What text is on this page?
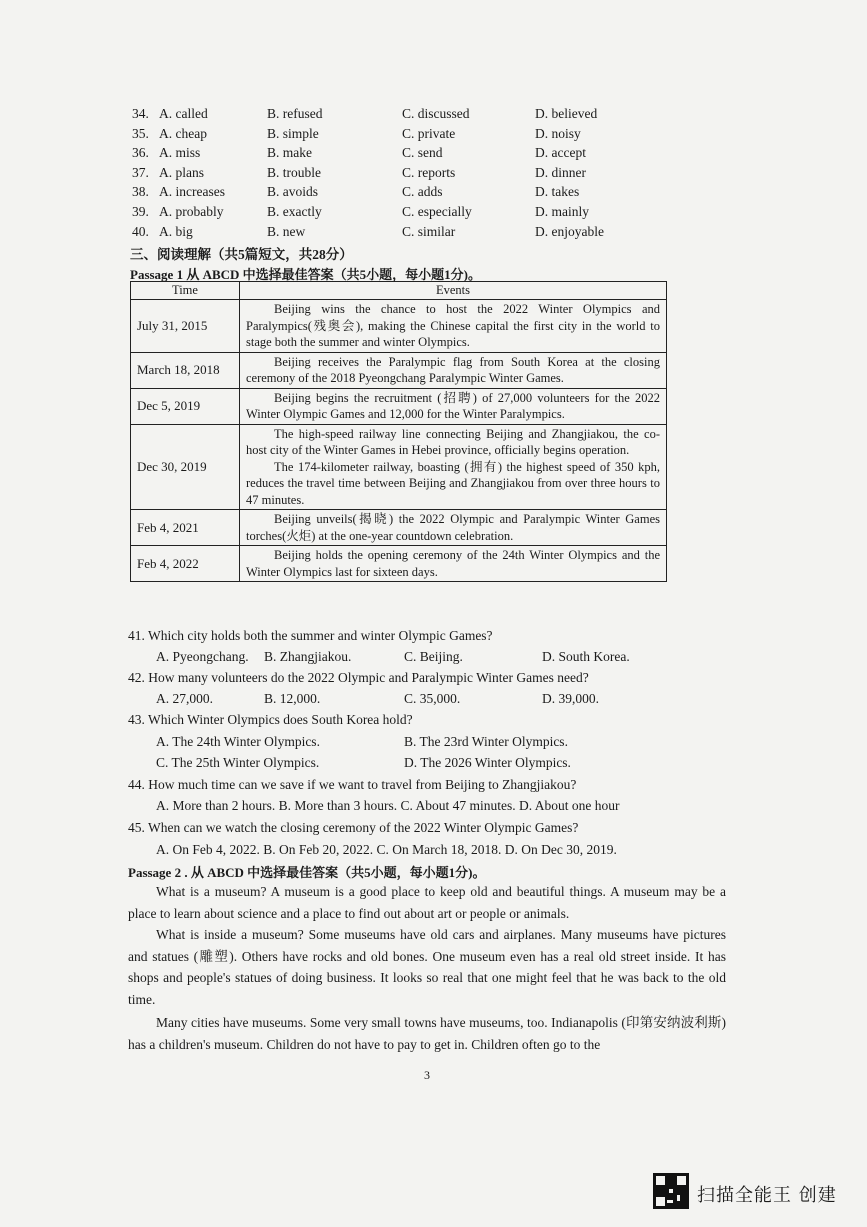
34. A. called	B. refused	C. discussed	D. believed
35. A. cheap	B. simple	C. private	D. noisy
36. A. miss	B. make	C. send	D. accept
37. A. plans	B. trouble	C. reports	D. dinner
38. A. increases	B. avoids	C. adds	D. takes
39. A. probably	B. exactly	C. especially	D. mainly
40. A. big	B. new	C. similar	D. enjoyable
三、阅读理解（共5篇短文，共28分）
Passage 1 从 ABCD 中选择最佳答案（共5小题，每小题1分)。
Time	Events
July 31, 2015	Beijing wins the chance to host the 2022 Winter Olympics and Paralympics(残奥会), making the Chinese capital the first city in the world to stage both the summer and winter Olympics.

March 18, 2018	Beijing receives the Paralympic flag from South Korea at the closing ceremony of the 2018 Pyeongchang Paralympic Winter Games.

Dec 5, 2019	Beijing begins the recruitment (招聘) of 27,000 volunteers for the 2022 Winter Olympic Games and 12,000 for the Winter Paralympics.

Dec 30, 2019	The high-speed railway line connecting Beijing and Zhangjiakou, the co-host city of the Winter Games in Hebei province, officially begins operation.

The 174-kilometer railway, boasting (拥有) the highest speed of 350 kph, reduces the travel time between Beijing and Zhangjiakou from over three hours to 47 minutes.

Feb 4, 2021	Beijing unveils(揭晓) the 2022 Olympic and Paralympic Winter Games torches(火炬) at the one-year countdown celebration.

Feb 4, 2022	Beijing holds the opening ceremony of the 24th Winter Olympics and the Winter Olympics last for sixteen days.

41. Which city holds both the summer and winter Olympic Games?
A. Pyeongchang. B. Zhangjiakou.	C. Beijing.	D. South Korea.
42. How many volunteers do the 2022 Olympic and Paralympic Winter Games need?
A. 27,000.	B. 12,000.	C. 35,000.	D. 39,000.
43. Which Winter Olympics does South Korea hold?
A. The 24th Winter Olympics.	B. The 23rd Winter Olympics.
C. The 25th Winter Olympics.	D. The 2026 Winter Olympics.
44. How much time can we save if we want to travel from Beijing to Zhangjiakou?
A. More than 2 hours. B. More than 3 hours. C. About 47 minutes. D. About one hour
45. When can we watch the closing ceremony of the 2022 Winter Olympic Games?
A. On Feb 4, 2022. B. On Feb 20, 2022. C. On March 18, 2018. D. On Dec 30, 2019.
Passage 2 . 从 ABCD 中选择最佳答案（共5小题，每小题1分)。

What is a museum? A museum is a good place to keep old and beautiful things. A museum may be a place to learn about science and a place to find out about art or people or animals.

What is inside a museum? Some museums have old cars and airplanes. Many museums have pictures and statues (雕塑). Others have rocks and old bones. One museum even has a real old street inside. It has shops and people's statues of doing business. It looks so real that one might feel that he was back to the old time.

Many cities have museums. Some very small towns have museums, too. Indianapolis (印第安纳波利斯) has a children's museum. Children do not have to pay to get in. Children often go to the

3
扫描全能王 创建
